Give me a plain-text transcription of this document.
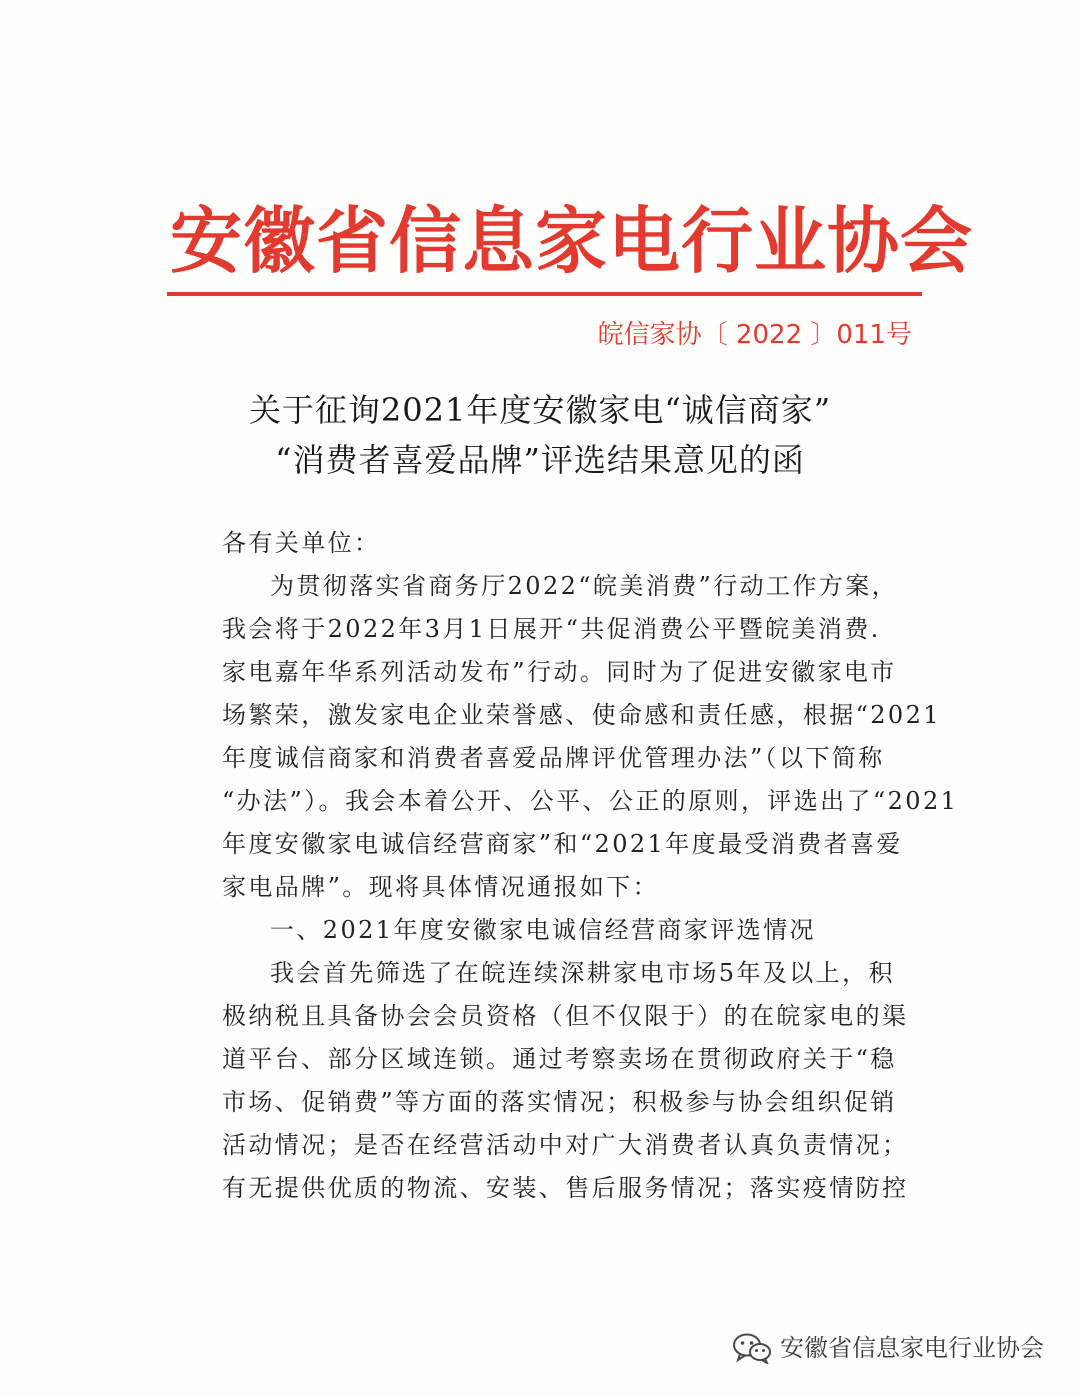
安徽省信息家电行业协会
皖信家协〔 2022 〕011号
关于征询2021年度安徽家电“诚信商家”
“消费者喜爱品牌”评选结果意见的函
各有关单位：
为贯彻落实省商务厅2022“皖美消费”行动工作方案，
我会将于2022年3月1日展开“共促消费公平暨皖美消费.
家电嘉年华系列活动发布”行动。同时为了促进安徽家电市
场繁荣，激发家电企业荣誉感、使命感和责任感，根据“2021
年度诚信商家和消费者喜爱品牌评优管理办法”（以下简称
“办法”）。我会本着公开、公平、公正的原则，评选出了“2021
年度安徽家电诚信经营商家”和“2021年度最受消费者喜爱
家电品牌”。现将具体情况通报如下：
一、2021年度安徽家电诚信经营商家评选情况
我会首先筛选了在皖连续深耕家电市场5年及以上，积
极纳税且具备协会会员资格（但不仅限于）的在皖家电的渠
道平台、部分区域连锁。通过考察卖场在贯彻政府关于“稳
市场、促销费”等方面的落实情况；积极参与协会组织促销
活动情况；是否在经营活动中对广大消费者认真负责情况；
有无提供优质的物流、安装、售后服务情况；落实疫情防控
安徽省信息家电行业协会
